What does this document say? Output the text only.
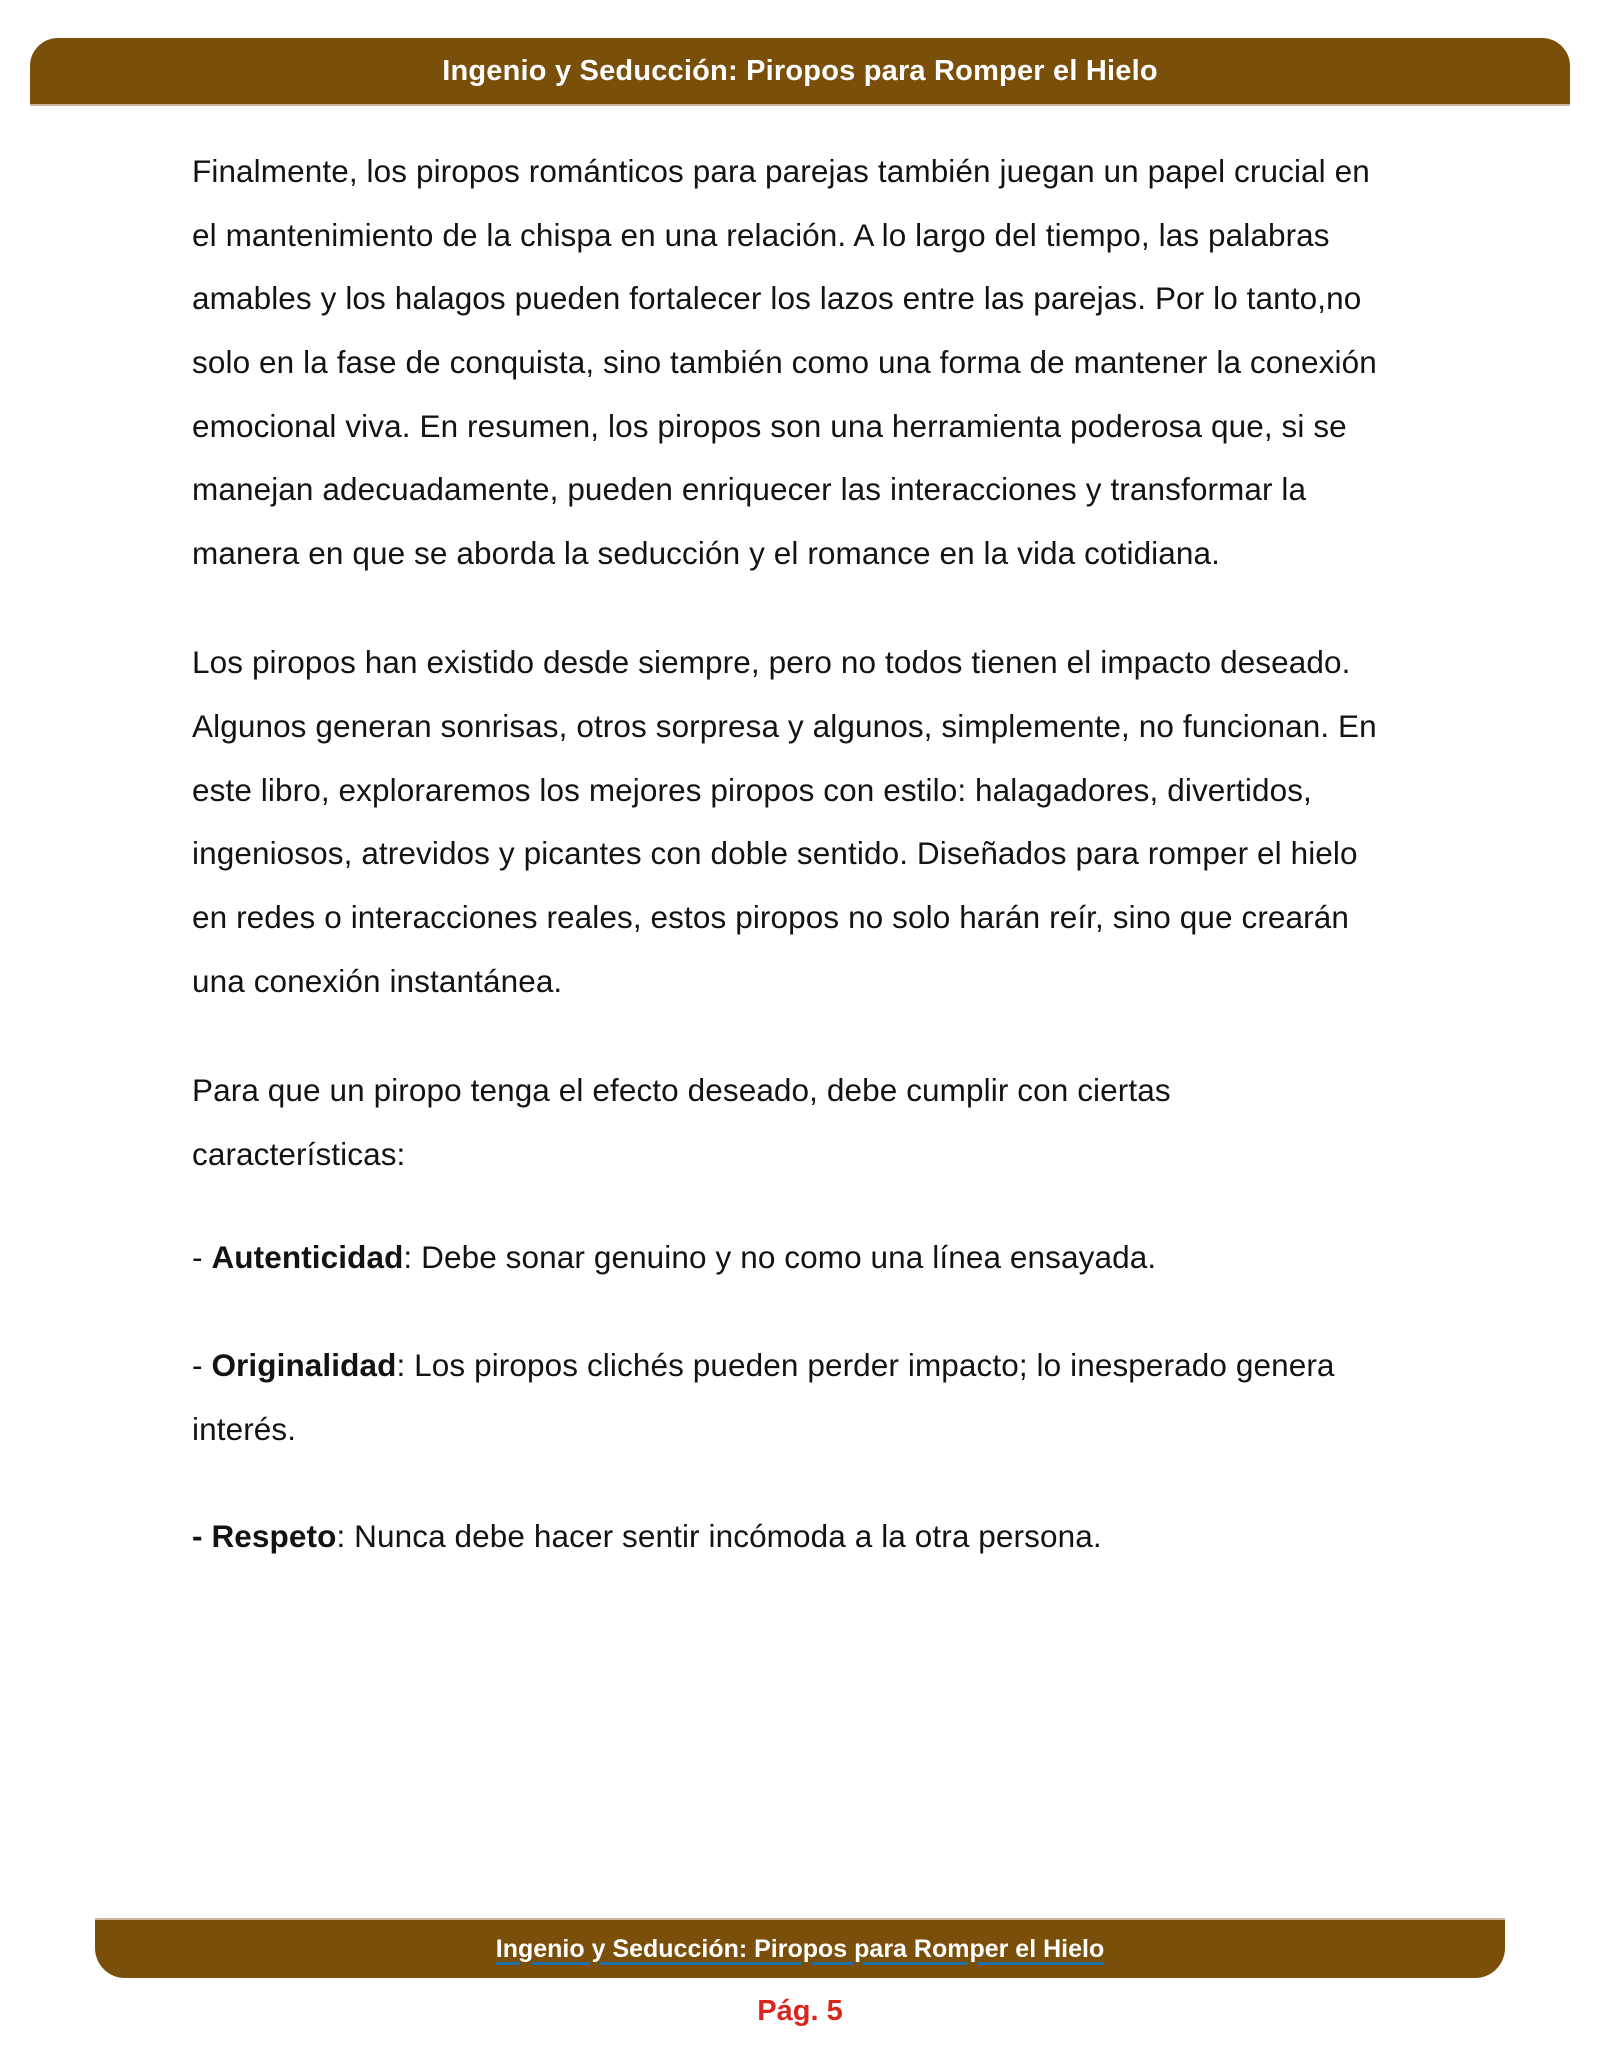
Ingenio y Seducción: Piropos para Romper el Hielo

Finalmente, los piropos románticos para parejas también juegan un papel crucial en el mantenimiento de la chispa en una relación. A lo largo del tiempo, las palabras amables y los halagos pueden fortalecer los lazos entre las parejas. Por lo tanto,no solo en la fase de conquista, sino también como una forma de mantener la conexión emocional viva. En resumen, los piropos son una herramienta poderosa que, si se manejan adecuadamente, pueden enriquecer las interacciones y transformar la manera en que se aborda la seducción y el romance en la vida cotidiana.

Los piropos han existido desde siempre, pero no todos tienen el impacto deseado. Algunos generan sonrisas, otros sorpresa y algunos, simplemente, no funcionan. En este libro, exploraremos los mejores piropos con estilo: halagadores, divertidos, ingeniosos, atrevidos y picantes con doble sentido. Diseñados para romper el hielo en redes o interacciones reales, estos piropos no solo harán reír, sino que crearán una conexión instantánea.

Para que un piropo tenga el efecto deseado, debe cumplir con ciertas características:

- Autenticidad: Debe sonar genuino y no como una línea ensayada.

- Originalidad: Los piropos clichés pueden perder impacto; lo inesperado genera interés.

- Respeto: Nunca debe hacer sentir incómoda a la otra persona.

Ingenio y Seducción: Piropos para Romper el Hielo
Pág. 5
